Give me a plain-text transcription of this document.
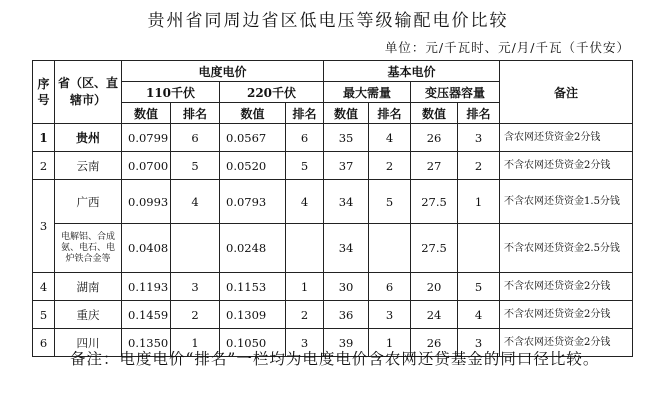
贵州省同周边省区低电压等级输配电价比较
单位：元/千瓦时、元/月/千瓦（千伏安）
序号	省（区、直辖市）	电度电价				基本电价				备注
		110千伏		220千伏		最大需量		变压器容量		
		数值	排名	数值	排名	数值	排名	数值	排名	
1	贵州	0.0799	6	0.0567	6	35	4	26	3	含农网还贷资金2分钱
2	云南	0.0700	5	0.0520	5	37	2	27	2	不含农网还贷资金2分钱
3	广西	0.0993	4	0.0793	4	34	5	27.5	1	不含农网还贷资金1.5分钱
	电解铝、合成氨、电石、电炉铁合金等	0.0408		0.0248		34		27.5		不含农网还贷资金2.5分钱
4	湖南	0.1193	3	0.1153	1	30	6	20	5	不含农网还贷资金2分钱
5	重庆	0.1459	2	0.1309	2	36	3	24	4	不含农网还贷资金2分钱
6	四川	0.1350	1	0.1050	3	39	1	26	3	不含农网还贷资金2分钱
备注：电度电价“排名”一栏均为电度电价含农网还贷基金的同口径比较。
